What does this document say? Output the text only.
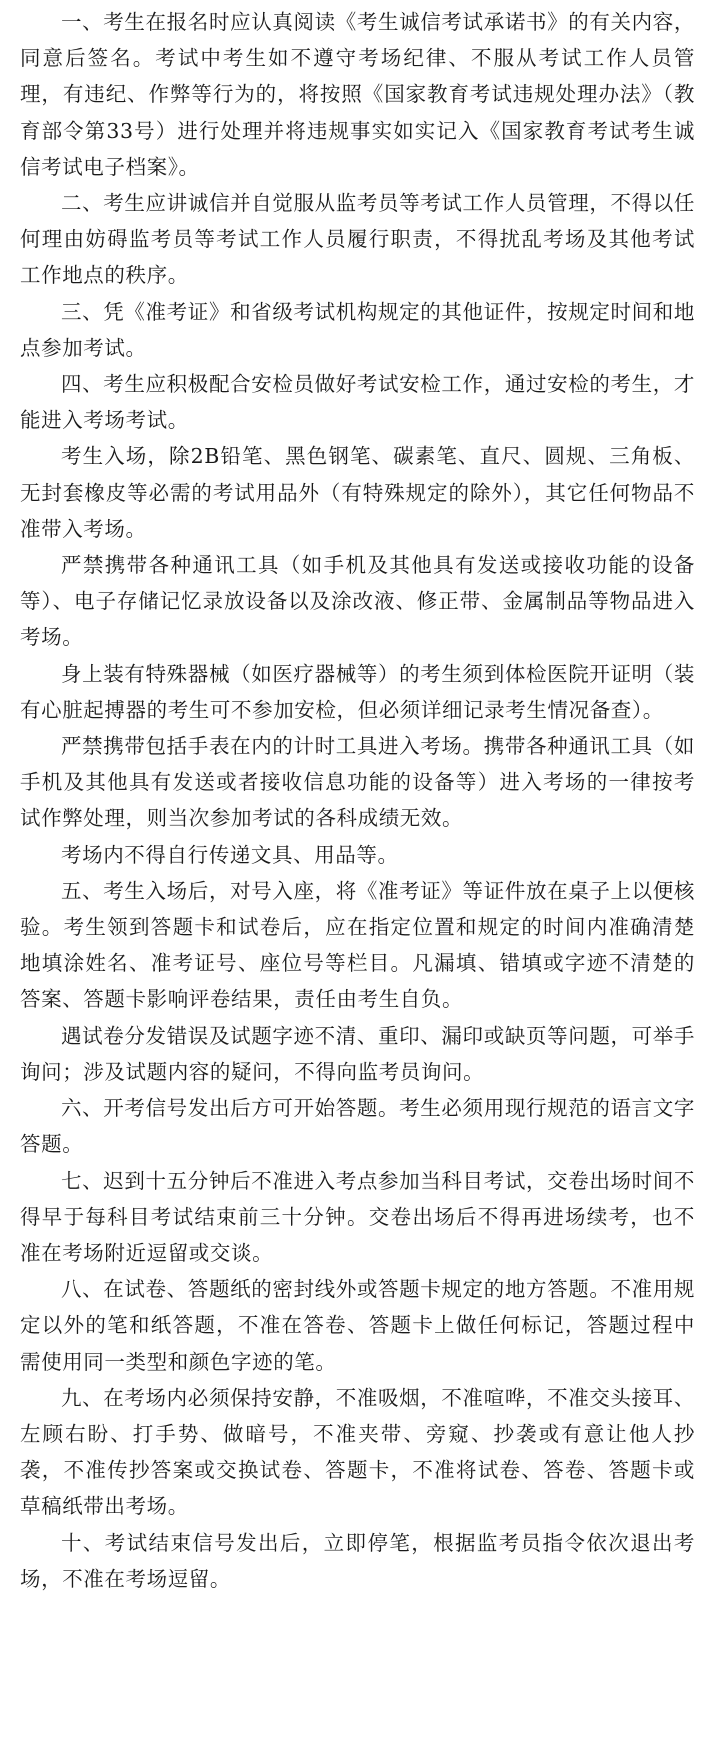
一、考生在报名时应认真阅读《考生诚信考试承诺书》的有关内容，同意后签名。考试中考生如不遵守考场纪律、不服从考试工作人员管理，有违纪、作弊等行为的，将按照《国家教育考试违规处理办法》（教育部令第33号）进行处理并将违规事实如实记入《国家教育考试考生诚信考试电子档案》。

二、考生应讲诚信并自觉服从监考员等考试工作人员管理，不得以任何理由妨碍监考员等考试工作人员履行职责，不得扰乱考场及其他考试工作地点的秩序。

三、凭《准考证》和省级考试机构规定的其他证件，按规定时间和地点参加考试。

四、考生应积极配合安检员做好考试安检工作，通过安检的考生，才能进入考场考试。

考生入场，除2B铅笔、黑色钢笔、碳素笔、直尺、圆规、三角板、无封套橡皮等必需的考试用品外（有特殊规定的除外），其它任何物品不准带入考场。

严禁携带各种通讯工具（如手机及其他具有发送或接收功能的设备等）、电子存储记忆录放设备以及涂改液、修正带、金属制品等物品进入考场。

身上装有特殊器械（如医疗器械等）的考生须到体检医院开证明（装有心脏起搏器的考生可不参加安检，但必须详细记录考生情况备查）。

严禁携带包括手表在内的计时工具进入考场。携带各种通讯工具（如手机及其他具有发送或者接收信息功能的设备等）进入考场的一律按考试作弊处理，则当次参加考试的各科成绩无效。

考场内不得自行传递文具、用品等。

五、考生入场后，对号入座，将《准考证》等证件放在桌子上以便核验。考生领到答题卡和试卷后，应在指定位置和规定的时间内准确清楚地填涂姓名、准考证号、座位号等栏目。凡漏填、错填或字迹不清楚的答案、答题卡影响评卷结果，责任由考生自负。

遇试卷分发错误及试题字迹不清、重印、漏印或缺页等问题，可举手询问；涉及试题内容的疑问，不得向监考员询问。

六、开考信号发出后方可开始答题。考生必须用现行规范的语言文字答题。

七、迟到十五分钟后不准进入考点参加当科目考试，交卷出场时间不得早于每科目考试结束前三十分钟。交卷出场后不得再进场续考，也不准在考场附近逗留或交谈。

八、在试卷、答题纸的密封线外或答题卡规定的地方答题。不准用规定以外的笔和纸答题，不准在答卷、答题卡上做任何标记，答题过程中需使用同一类型和颜色字迹的笔。

九、在考场内必须保持安静，不准吸烟，不准喧哗，不准交头接耳、左顾右盼、打手势、做暗号，不准夹带、旁窥、抄袭或有意让他人抄袭，不准传抄答案或交换试卷、答题卡，不准将试卷、答卷、答题卡或草稿纸带出考场。

十、考试结束信号发出后，立即停笔，根据监考员指令依次退出考场，不准在考场逗留。
